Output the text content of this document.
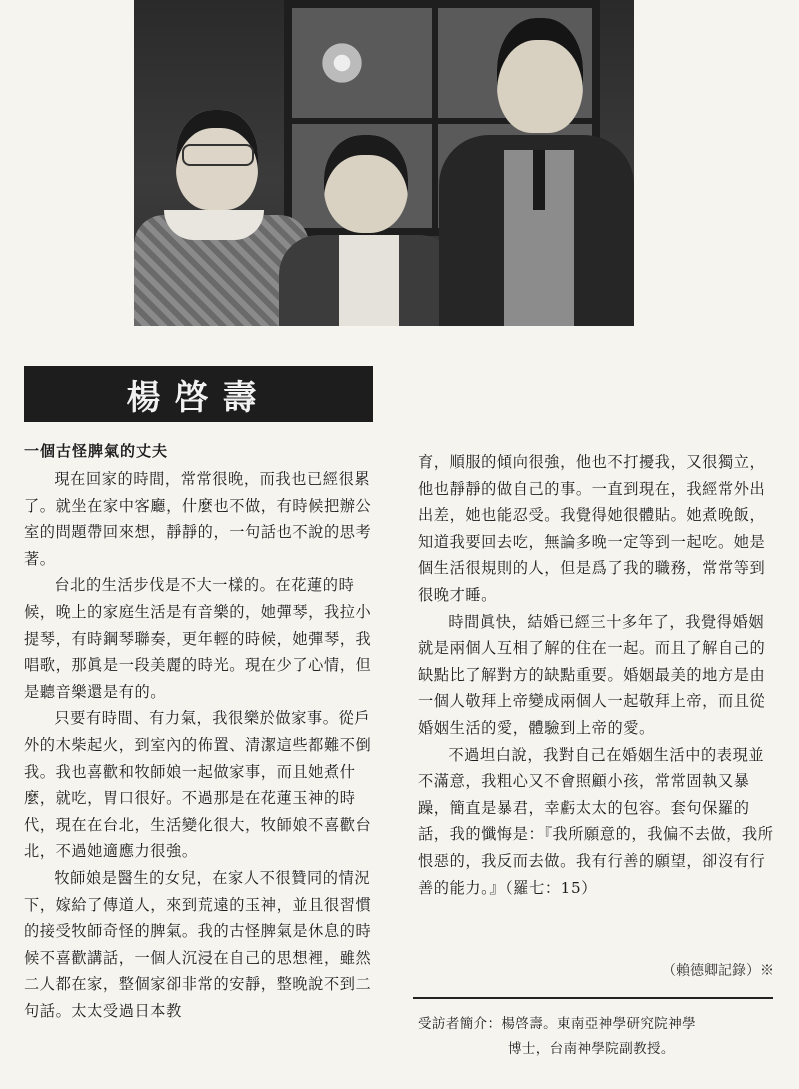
楊啓壽
一個古怪脾氣的丈夫

現在回家的時間，常常很晚，而我也已經很累了。就坐在家中客廳，什麼也不做，有時候把辦公室的問題帶回來想，靜靜的，一句話也不說的思考著。

台北的生活步伐是不大一樣的。在花蓮的時候，晚上的家庭生活是有音樂的，她彈琴，我拉小提琴，有時鋼琴聯奏，更年輕的時候，她彈琴，我唱歌，那眞是一段美麗的時光。現在少了心情，但是聽音樂還是有的。

只要有時間、有力氣，我很樂於做家事。從戶外的木柴起火，到室內的佈置、清潔這些都難不倒我。我也喜歡和牧師娘一起做家事，而且她煮什麼，就吃，胃口很好。不過那是在花蓮玉神的時代，現在在台北，生活變化很大，牧師娘不喜歡台北，不過她適應力很強。

牧師娘是醫生的女兒，在家人不很贊同的情況下，嫁給了傳道人，來到荒遠的玉神，並且很習慣的接受牧師奇怪的脾氣。我的古怪脾氣是休息的時候不喜歡講話，一個人沉浸在自己的思想裡，雖然二人都在家，整個家卻非常的安靜，整晚說不到二句話。太太受過日本教

育，順服的傾向很強，他也不打擾我，又很獨立，他也靜靜的做自己的事。一直到現在，我經常外出出差，她也能忍受。我覺得她很體貼。她煮晚飯，知道我要回去吃，無論多晚一定等到一起吃。她是個生活很規則的人，但是爲了我的職務，常常等到很晚才睡。

時間眞快，結婚已經三十多年了，我覺得婚姻就是兩個人互相了解的住在一起。而且了解自己的缺點比了解對方的缺點重要。婚姻最美的地方是由一個人敬拜上帝變成兩個人一起敬拜上帝，而且從婚姻生活的愛，體驗到上帝的愛。

不過坦白說，我對自己在婚姻生活中的表現並不滿意，我粗心又不會照顧小孩，常常固執又暴躁，簡直是暴君，幸虧太太的包容。套句保羅的話，我的懺悔是：『我所願意的，我偏不去做，我所恨惡的，我反而去做。我有行善的願望，卻沒有行善的能力。』（羅七：15）

（賴德卿記錄）※
受訪者簡介：楊啓壽。東南亞神學研究院神學
博士，台南神學院副教授。
